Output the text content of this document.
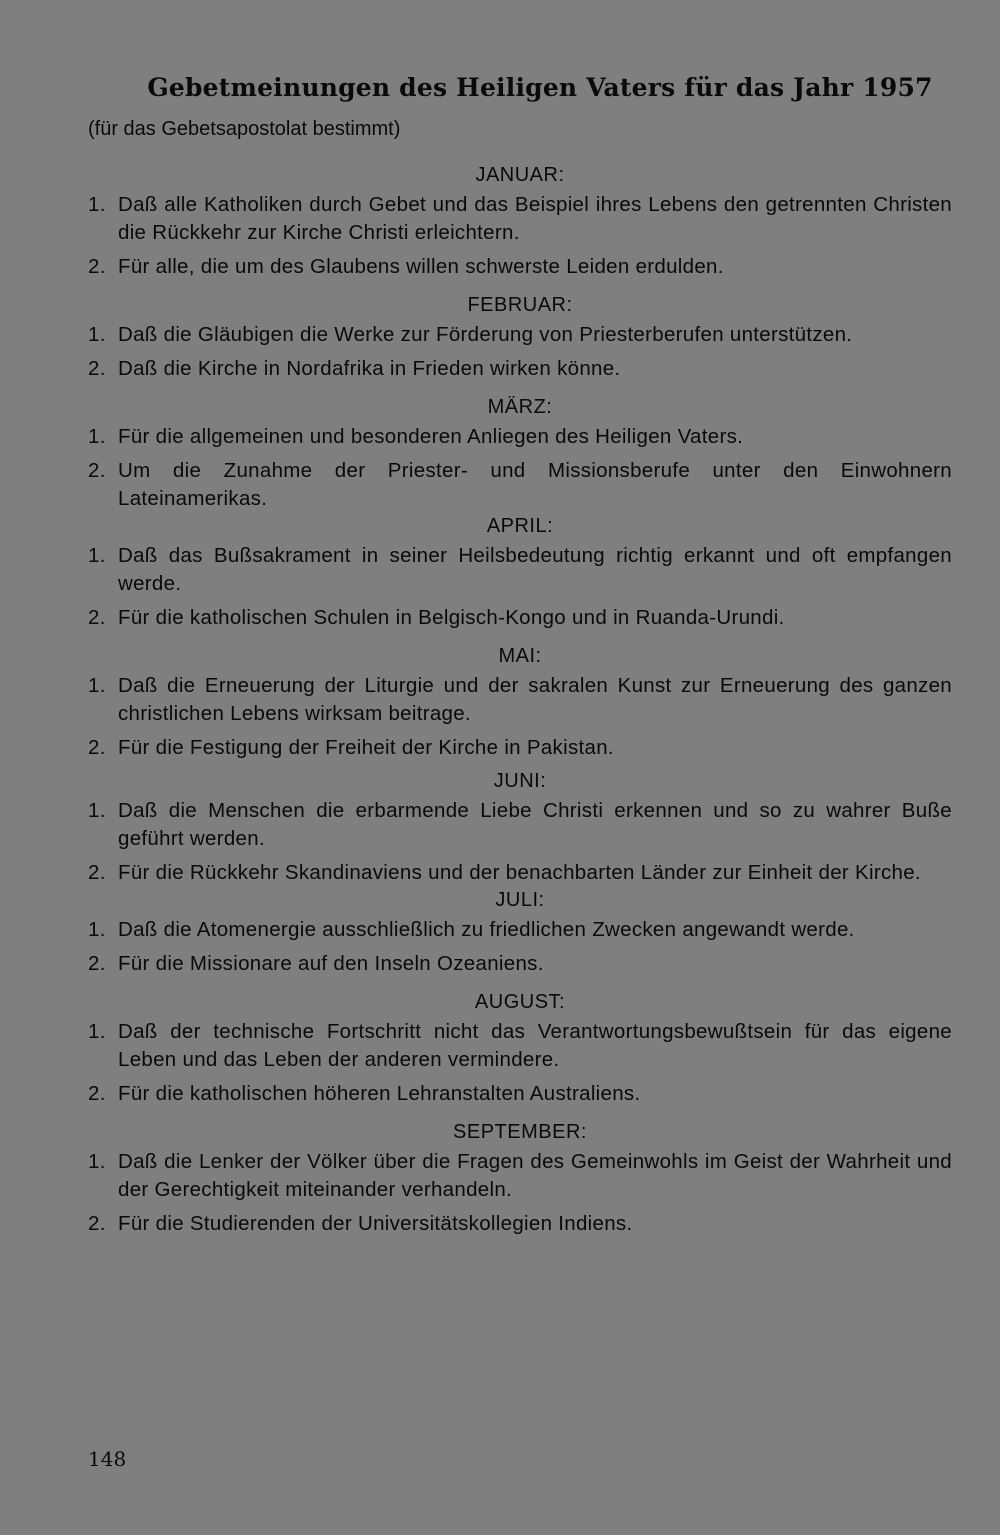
Gebetmeinungen des Heiligen Vaters für das Jahr 1957

(für das Gebetsapostolat bestimmt)

JANUAR:
1. Daß alle Katholiken durch Gebet und das Beispiel ihres Lebens den getrennten Christen die Rückkehr zur Kirche Christi erleichtern.
2. Für alle, die um des Glaubens willen schwerste Leiden erdulden.
FEBRUAR:
1. Daß die Gläubigen die Werke zur Förderung von Priesterberufen unterstützen.
2. Daß die Kirche in Nordafrika in Frieden wirken könne.
MÄRZ:
1. Für die allgemeinen und besonderen Anliegen des Heiligen Vaters.
2. Um die Zunahme der Priester- und Missionsberufe unter den Einwohnern Lateinamerikas.
APRIL:
1. Daß das Bußsakrament in seiner Heilsbedeutung richtig erkannt und oft empfangen werde.
2. Für die katholischen Schulen in Belgisch-Kongo und in Ruanda-Urundi.
MAI:
1. Daß die Erneuerung der Liturgie und der sakralen Kunst zur Erneuerung des ganzen christlichen Lebens wirksam beitrage.
2. Für die Festigung der Freiheit der Kirche in Pakistan.
JUNI:
1. Daß die Menschen die erbarmende Liebe Christi erkennen und so zu wahrer Buße geführt werden.
2. Für die Rückkehr Skandinaviens und der benachbarten Länder zur Einheit der Kirche.
JULI:
1. Daß die Atomenergie ausschließlich zu friedlichen Zwecken angewandt werde.
2. Für die Missionare auf den Inseln Ozeaniens.
AUGUST:
1. Daß der technische Fortschritt nicht das Verantwortungsbewußtsein für das eigene Leben und das Leben der anderen vermindere.
2. Für die katholischen höheren Lehranstalten Australiens.
SEPTEMBER:
1. Daß die Lenker der Völker über die Fragen des Gemeinwohls im Geist der Wahrheit und der Gerechtigkeit miteinander verhandeln.
2. Für die Studierenden der Universitätskollegien Indiens.
148
